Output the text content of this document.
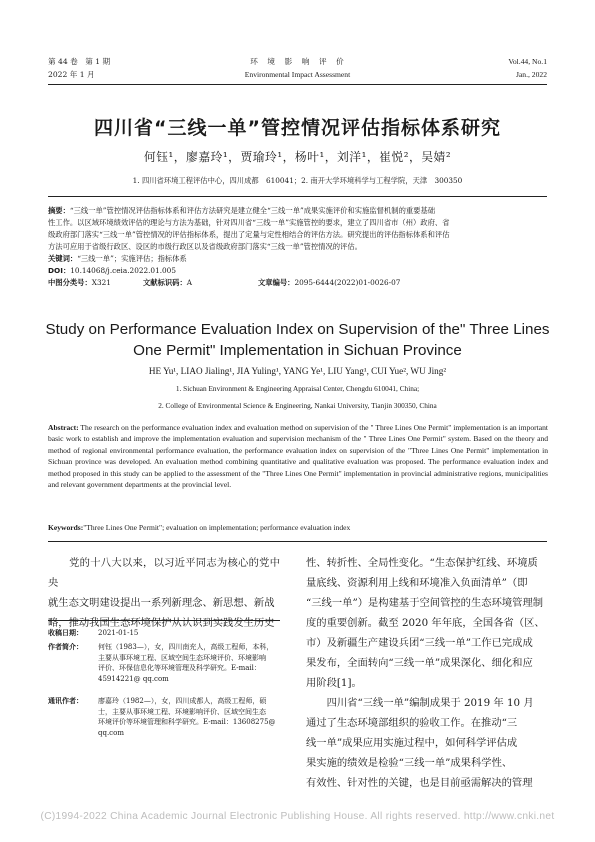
第 44 卷　第 1 期
2022 年 1 月
环　境　影　响　评　价
Environmental Impact Assessment
Vol.44, No.1
Jan., 2022
四川省“三线一单”管控情况评估指标体系研究
何钰¹，廖嘉玲¹，贾瑜玲¹，杨叶¹，刘洋¹，崔悦²，吴婧²
1. 四川省环境工程评估中心，四川成都　610041；2. 南开大学环境科学与工程学院，天津　300350
摘要：“三线一单”管控情况评估指标体系和评估方法研究是建立健全“三线一单”成果实施评价和实施监督机制的重要基础
性工作。以区域环境绩效评估的理论与方法为基础，针对四川省“三线一单”实施管控的要求，建立了四川省市（州）政府、省
级政府部门落实“三线一单”管控情况的评估指标体系，提出了定量与定性相结合的评估方法。研究提出的评估指标体系和评估
方法可应用于省级行政区、设区的市级行政区以及省级政府部门落实“三线一单”管控情况的评估。
关键词：“三线一单”；实施评估；指标体系
DOI：10.14068/j.ceia.2022.01.005
中图分类号：X321	文献标识码：A	文章编号：2095-6444(2022)01-0026-07
Study on Performance Evaluation Index on Supervision of the" Three Lines
One Permit" Implementation in Sichuan Province
HE Yu¹, LIAO Jialing¹, JIA Yuling¹, YANG Ye¹, LIU Yang¹, CUI Yue², WU Jing²
1. Sichuan Environment & Engineering Appraisal Center, Chengdu 610041, China;
2. College of Environmental Science & Engineering, Nankai University, Tianjin 300350, China
Abstract: The research on the performance evaluation index and evaluation method on supervision of the " Three Lines One Permit" implementation is an important basic work to establish and improve the implementation evaluation and supervision mechanism of the " Three Lines One Permit" system. Based on the theory and method of regional environmental performance evaluation, the performance evaluation index on supervision of the "Three Lines One Permit" implementation in Sichuan province was developed. An evaluation method combining quantitative and qualitative evaluation was proposed. The performance evaluation index and method proposed in this study can be applied to the assessment of the "Three Lines One Permit" implementation in provincial administrative regions, municipalities and relevant government departments at the provincial level.
Keywords:"Three Lines One Permit"; evaluation on implementation; performance evaluation index
　　党的十八大以来，以习近平同志为核心的党中央
就生态文明建设提出一系列新理念、新思想、新战
略，推动我国生态环境保护从认识到实践发生历史
收稿日期： 2021-01-15
作者简介： 何钰（1983—），女，四川南充人，高级工程师，本科，
主要从事环境工程、区域空间生态环境评价、环境影响
评价、环保信息化等环境管理及科学研究。E-mail：
45914221@ qq.com
通讯作者： 廖嘉玲（1982—），女，四川成都人，高级工程师，硕
士，主要从事环境工程、环境影响评价、区域空间生态
环境评价等环境管理和科学研究。E-mail：13608275@
qq.com
性、转折性、全局性变化。“生态保护红线、环境质
量底线、资源利用上线和环境准入负面清单”（即
“三线一单”）是构建基于空间管控的生态环境管理制
度的重要创新。截至 2020 年年底，全国各省（区、
市）及新疆生产建设兵团“三线一单”工作已完成成
果发布，全面转向“三线一单”成果深化、细化和应
用阶段[1]。
　　四川省“三线一单”编制成果于 2019 年 10 月
通过了生态环境部组织的验收工作。在推动“三
线一单”成果应用实施过程中，如何科学评估成
果实施的绩效是检验“三线一单”成果科学性、
有效性、针对性的关键，也是目前亟需解决的管理
(C)1994-2022 China Academic Journal Electronic Publishing House. All rights reserved. http://www.cnki.net
